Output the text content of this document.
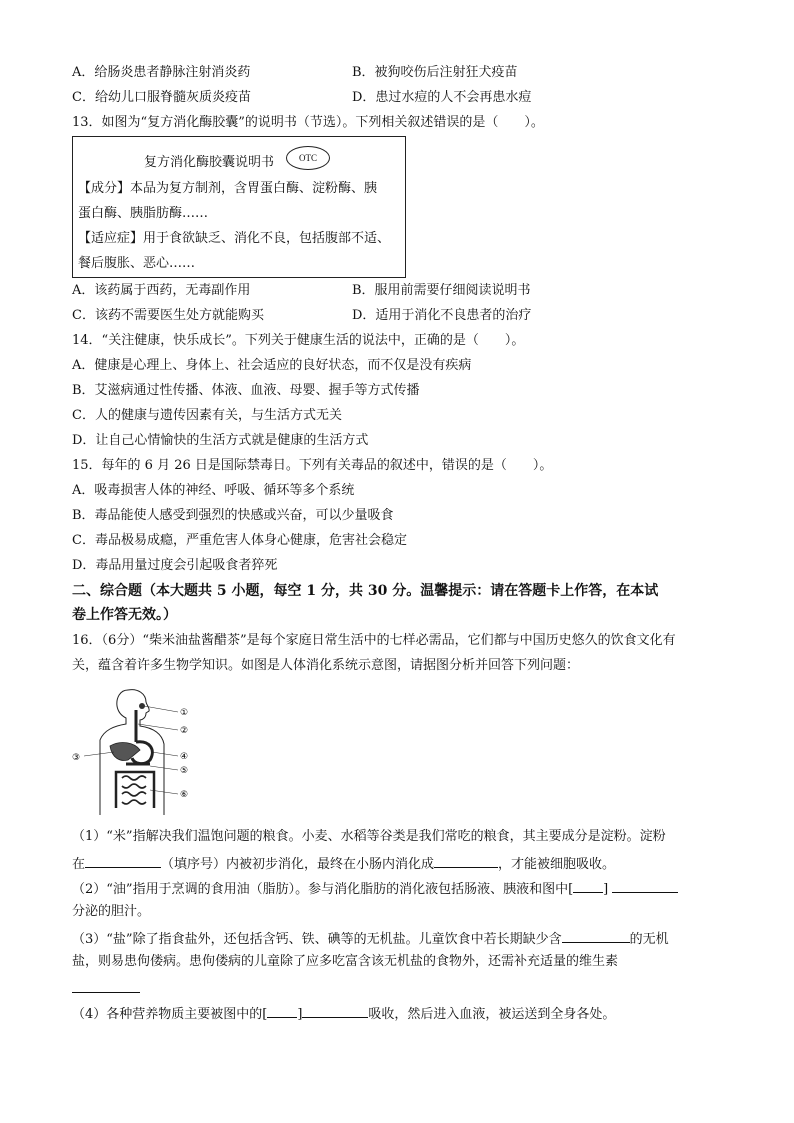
A．给肠炎患者静脉注射消炎药	B．被狗咬伤后注射狂犬疫苗
C．给幼儿口服脊髓灰质炎疫苗	D．患过水痘的人不会再患水痘
13．如图为“复方消化酶胶囊”的说明书（节选）。下列相关叙述错误的是（　　）。
复方消化酶胶囊说明书	OTC
【成分】本品为复方制剂，含胃蛋白酶、淀粉酶、胰
蛋白酶、胰脂肪酶……
【适应症】用于食欲缺乏、消化不良，包括腹部不适、
餐后腹胀、恶心……
A．该药属于西药，无毒副作用	B．服用前需要仔细阅读说明书
C．该药不需要医生处方就能购买	D．适用于消化不良患者的治疗
14．“关注健康，快乐成长”。下列关于健康生活的说法中，正确的是（　　）。
A．健康是心理上、身体上、社会适应的良好状态，而不仅是没有疾病
B．艾滋病通过性传播、体液、血液、母婴、握手等方式传播
C．人的健康与遗传因素有关，与生活方式无关
D．让自己心情愉快的生活方式就是健康的生活方式
15．每年的 6 月 26 日是国际禁毒日。下列有关毒品的叙述中，错误的是（　　）。
A．吸毒损害人体的神经、呼吸、循环等多个系统
B．毒品能使人感受到强烈的快感或兴奋，可以少量吸食
C．毒品极易成瘾，严重危害人体身心健康，危害社会稳定
D．毒品用量过度会引起吸食者猝死
二、综合题（本大题共 5 小题，每空 1 分，共 30 分。温馨提示：请在答题卡上作答，在本试
卷上作答无效。）
16．（6分）“柴米油盐酱醋茶”是每个家庭日常生活中的七样必需品，它们都与中国历史悠久的饮食文化有
关，蕴含着许多生物学知识。如图是人体消化系统示意图，请据图分析并回答下列问题：
①
②
③	④
⑤
⑥
（1）“米”指解决我们温饱问题的粮食。小麦、水稻等谷类是我们常吃的粮食，其主要成分是淀粉。淀粉
在	（填序号）内被初步消化，最终在小肠内消化成	，才能被细胞吸收。
（2）“油”指用于烹调的食用油（脂肪）。参与消化脂肪的消化液包括肠液、胰液和图中[ ]
分泌的胆汁。
（3）“盐”除了指食盐外，还包括含钙、铁、碘等的无机盐。儿童饮食中若长期缺少含	的无机
盐，则易患佝偻病。患佝偻病的儿童除了应多吃富含该无机盐的食物外，还需补充适量的维生素
（4）各种营养物质主要被图中的[ ]	吸收，然后进入血液，被运送到全身各处。
